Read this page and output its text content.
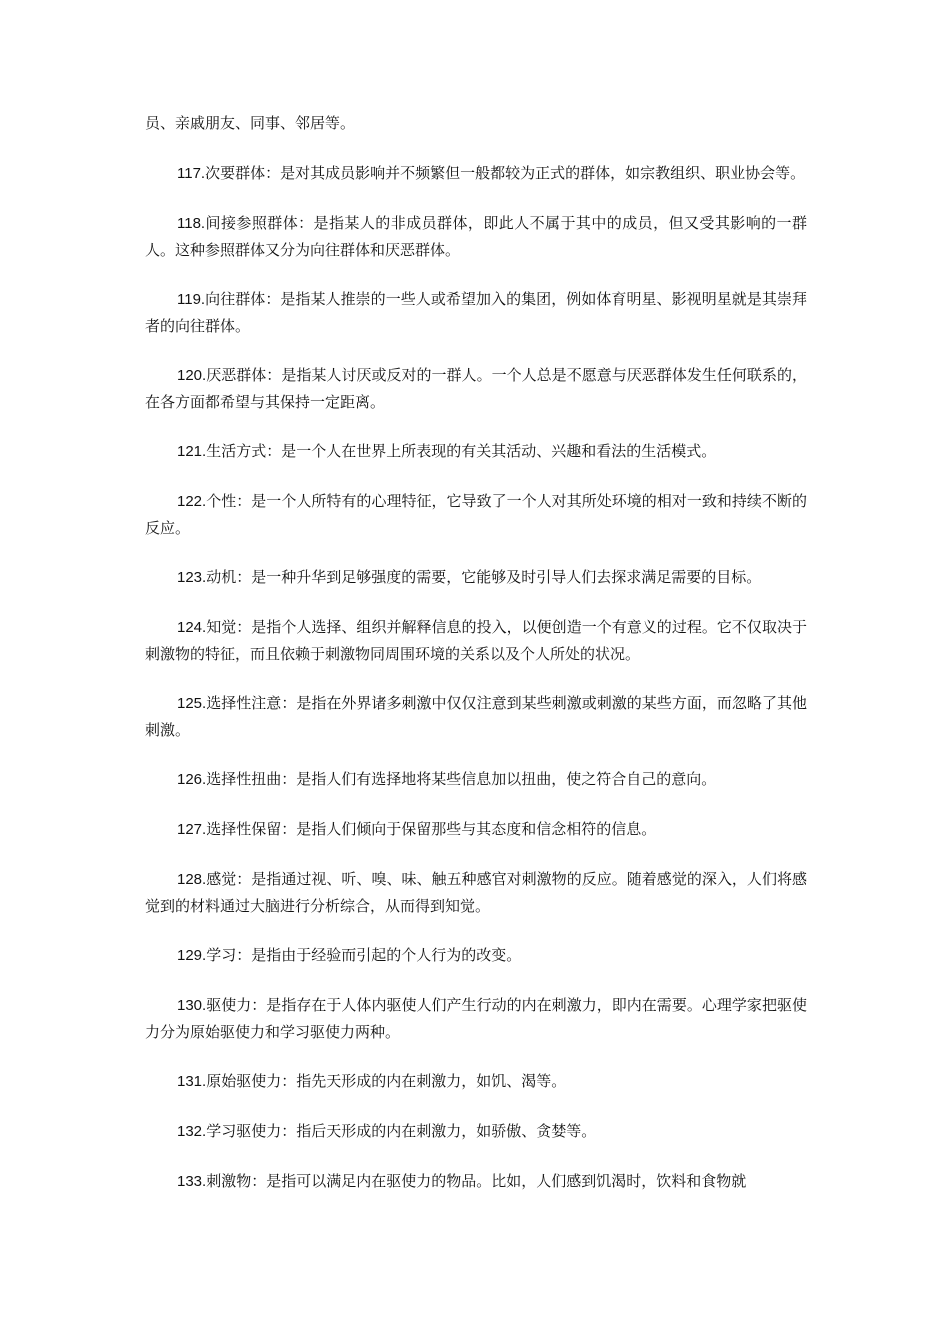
员、亲戚朋友、同事、邻居等。

117.次要群体：是对其成员影响并不频繁但一般都较为正式的群体，如宗教组织、职业协会等。

118.间接参照群体：是指某人的非成员群体，即此人不属于其中的成员，但又受其影响的一群人。这种参照群体又分为向往群体和厌恶群体。

119.向往群体：是指某人推崇的一些人或希望加入的集团，例如体育明星、影视明星就是其崇拜者的向往群体。

120.厌恶群体：是指某人讨厌或反对的一群人。一个人总是不愿意与厌恶群体发生任何联系的，在各方面都希望与其保持一定距离。

121.生活方式：是一个人在世界上所表现的有关其活动、兴趣和看法的生活模式。

122.个性：是一个人所特有的心理特征，它导致了一个人对其所处环境的相对一致和持续不断的反应。

123.动机：是一种升华到足够强度的需要，它能够及时引导人们去探求满足需要的目标。

124.知觉：是指个人选择、组织并解释信息的投入，以便创造一个有意义的过程。它不仅取决于刺激物的特征，而且依赖于刺激物同周围环境的关系以及个人所处的状况。

125.选择性注意：是指在外界诸多刺激中仅仅注意到某些刺激或刺激的某些方面，而忽略了其他刺激。

126.选择性扭曲：是指人们有选择地将某些信息加以扭曲，使之符合自己的意向。

127.选择性保留：是指人们倾向于保留那些与其态度和信念相符的信息。

128.感觉：是指通过视、听、嗅、味、触五种感官对刺激物的反应。随着感觉的深入，人们将感觉到的材料通过大脑进行分析综合，从而得到知觉。

129.学习：是指由于经验而引起的个人行为的改变。

130.驱使力：是指存在于人体内驱使人们产生行动的内在刺激力，即内在需要。心理学家把驱使力分为原始驱使力和学习驱使力两种。

131.原始驱使力：指先天形成的内在刺激力，如饥、渴等。

132.学习驱使力：指后天形成的内在刺激力，如骄傲、贪婪等。

133.刺激物：是指可以满足内在驱使力的物品。比如，人们感到饥渴时，饮料和食物就
